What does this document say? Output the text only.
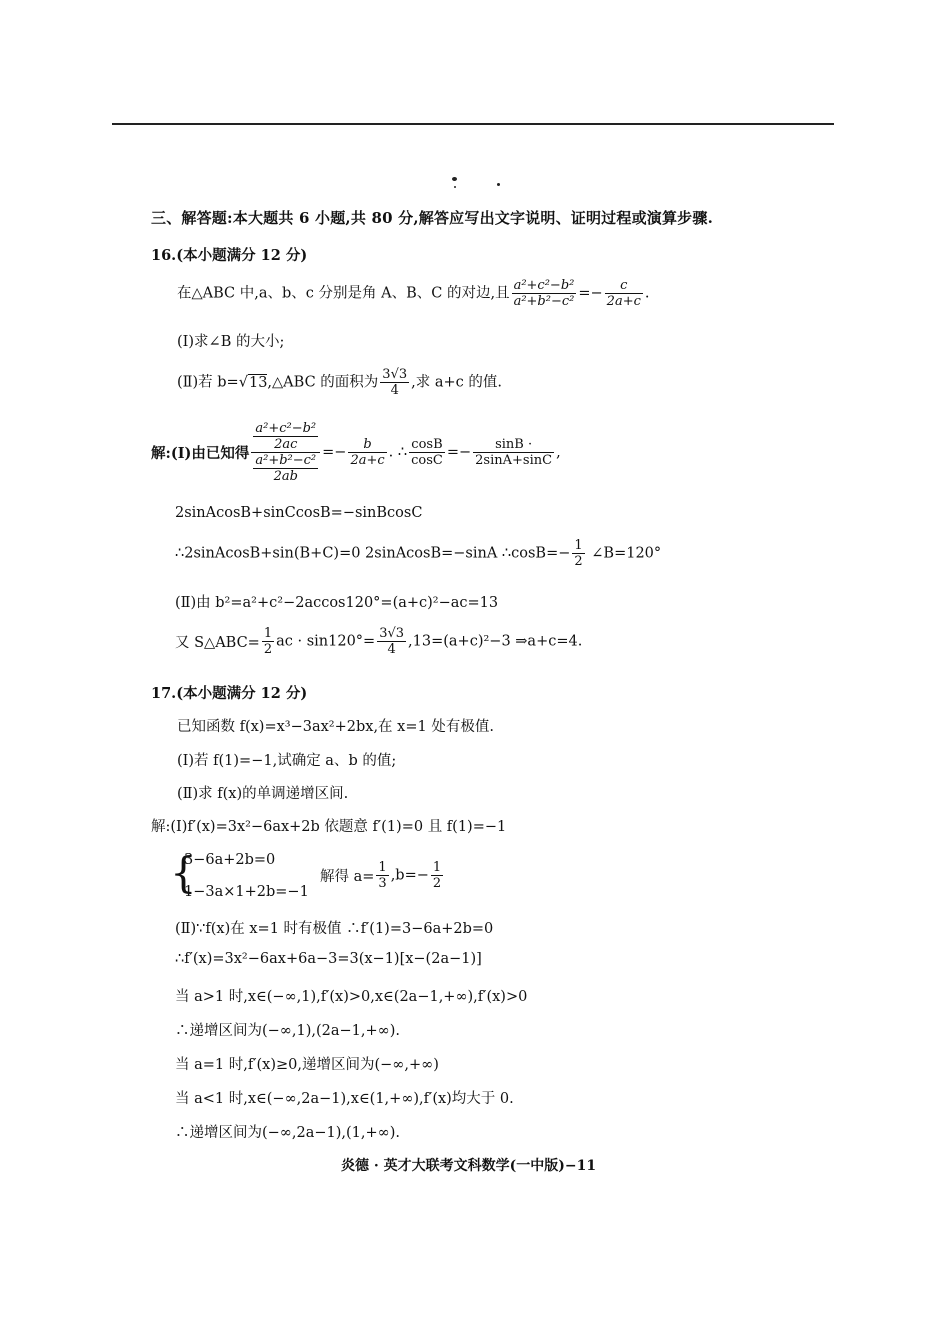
三、解答题:本大题共 6 小题,共 80 分,解答应写出文字说明、证明过程或演算步骤.
16.(本小题满分 12 分)
在△ABC 中,a、b、c 分别是角 A、B、C 的对边,且 $\frac{\text{a²+c²−b²}}{\text{a²+b²−c²}} =- \frac{c}{2a+c}$ .
(Ⅰ)求∠B 的大小;
(Ⅱ)若 b=√13,△ABC 的面积为 $\frac{3√3}{4}$ ,求 a+c 的值.
解:(Ⅰ)由已知得 $\frac{\frac{\text{a²+c²−b²}}{2ac}}{\frac{\text{a²+b²−c²}}{2ab}} =- \frac{b}{2a+c}$ . ∴ $\frac{\cos B}{\cos C} =- \frac{\sin B \cdot}{2\sin A+\sin C}$ ,
2sinAcosB+sinCcosB=−sinBcosC
∴2sinAcosB+sin(B+C)=0 2sinAcosB=−sinA ∴cosB=− $\frac{1}{2}$ ∠B=120°
(Ⅱ)由 b²=a²+c²−2accos120°=(a+c)²−ac=13
又 S△ABC= $\frac{1}{2}$ ac · $\sin 120^\circ= \frac{3√3}{4} ,13=(a+c)^2-3$ ⇒a+c=4.
17.(本小题满分 12 分)
已知函数 f(x)=x³−3ax²+2bx,在 x=1 处有极值.
(Ⅰ)若 f(1)=−1,试确定 a、b 的值;
(Ⅱ)求 f(x)的单调递增区间.
解:(Ⅰ)f′(x)=3x²−6ax+2b 依题意 f′(1)=0 且 f(1)=−1
{
3−6a+2b=0
1−3a×1+2b=−1
解得 $a= \frac{1}{3} ,b=- \frac{1}{2}$
(Ⅱ)∵f(x)在 x=1 时有极值 ∴f′(1)=3−6a+2b=0
∴f′(x)=3x²−6ax+6a−3=3(x−1)[x−(2a−1)]
当 a>1 时,x∈(−∞,1),f′(x)>0,x∈(2a−1,+∞),f′(x)>0
∴递增区间为(−∞,1),(2a−1,+∞).
当 a=1 时,f′(x)≥0,递增区间为(−∞,+∞)
当 a<1 时,x∈(−∞,2a−1),x∈(1,+∞),f′(x)均大于 0.
∴递增区间为(−∞,2a−1),(1,+∞).
炎德 · 英才大联考文科数学(一中版)−11
